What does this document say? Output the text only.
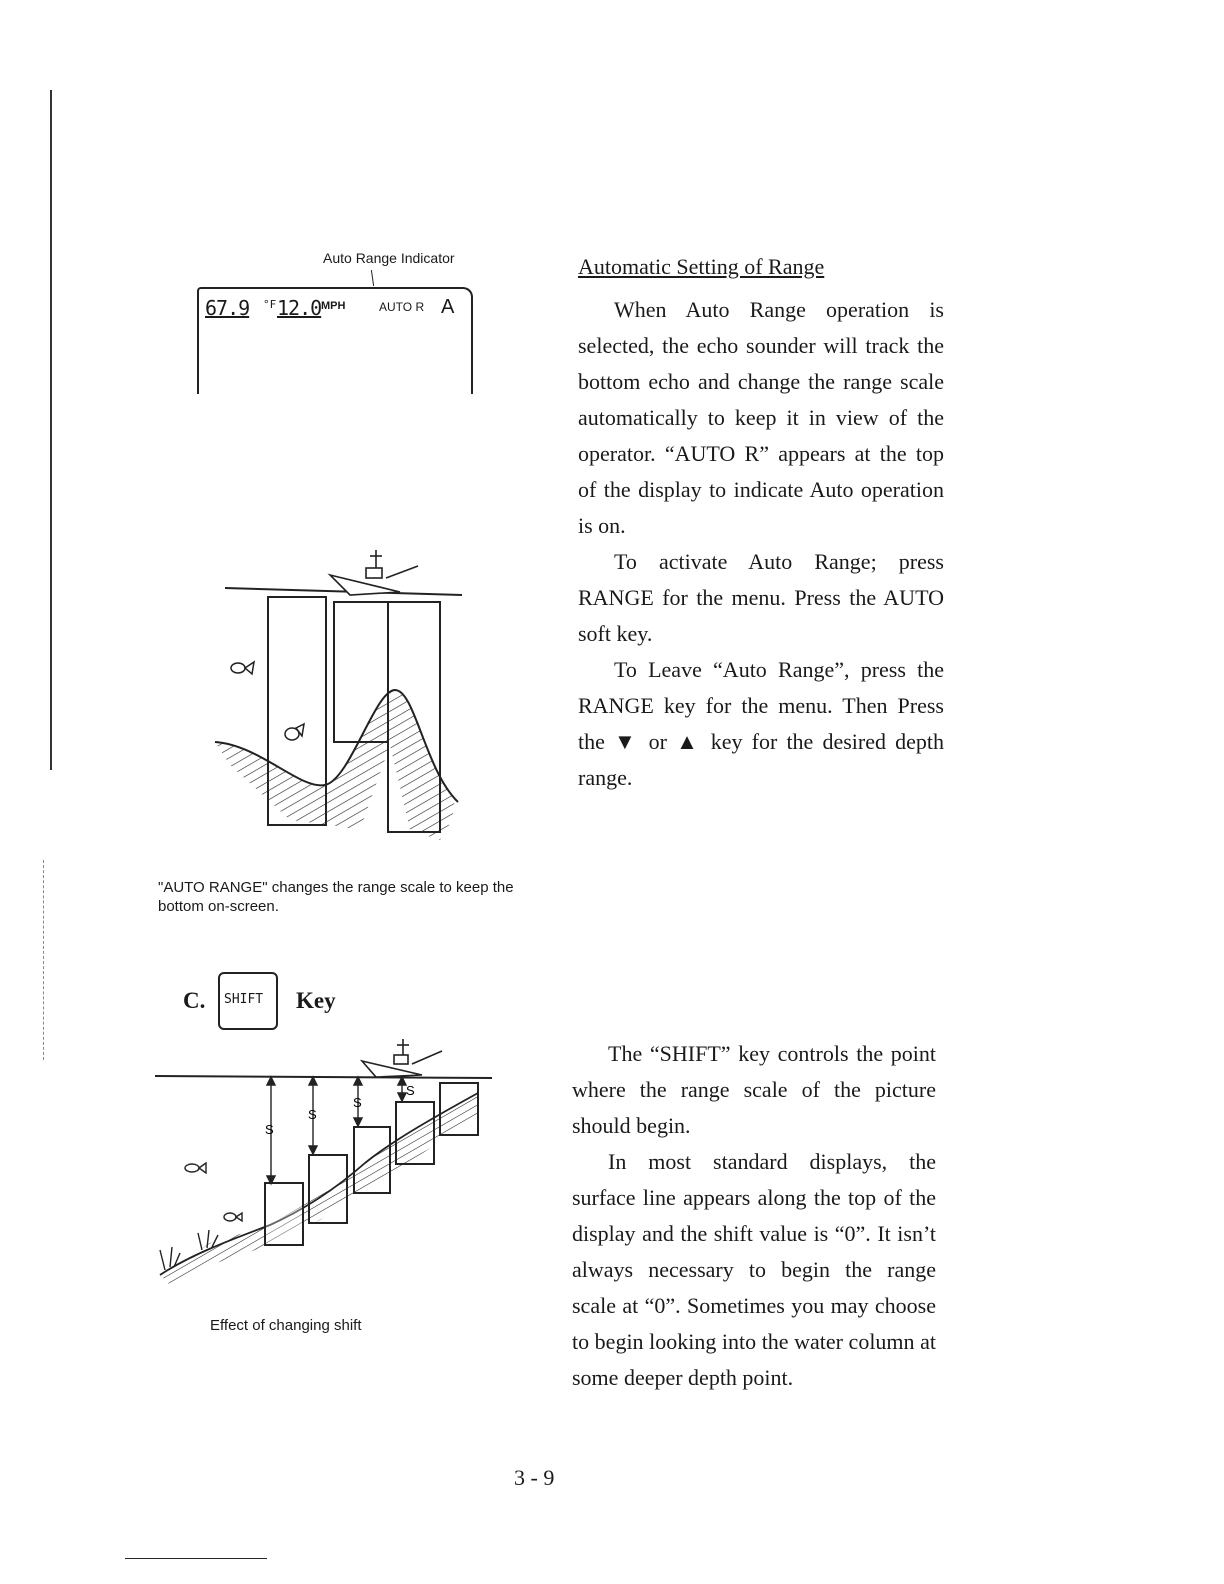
Auto Range Indicator
67.9 °F 12.0 MPH	AUTO R A
"AUTO RANGE" changes the range scale to keep the bottom on-screen.
C. SHIFT Key
S
S
S
S
Effect of changing shift
Automatic Setting of Range

When Auto Range operation is selected, the echo sounder will track the bottom echo and change the range scale automatically to keep it in view of the operator. “AUTO R” appears at the top of the display to indicate Auto operation is on.

To activate Auto Range; press RANGE for the menu. Press the AUTO soft key.

To Leave “Auto Range”, press the RANGE key for the menu. Then Press the ▼ or ▲ key for the desired depth range.

The “SHIFT” key controls the point where the range scale of the picture should begin.

In most standard displays, the surface line appears along the top of the display and the shift value is “0”. It isn’t always necessary to begin the range scale at “0”. Sometimes you may choose to begin looking into the water column at some deeper depth point.

3 - 9
